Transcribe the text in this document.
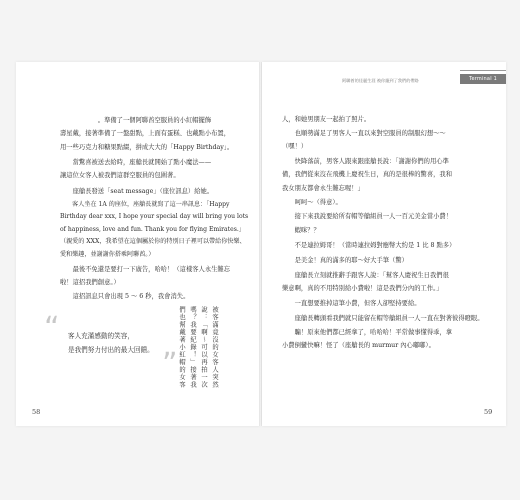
　　　　　　。準備了一個阿聯酋空服員的小紅帽擺飾
壽星戴，接著準備了一盤甜點，上面有蛋糕、也戴點小布置，
用一些巧克力和糖果點綴，拼成大大的「Happy Birthday」。

　　當驚喜被送去給時，座艙長就開始了點小魔法——
讓這位女客人被我們這群空服員的包圍著。

　　座艙長發送「seat message」（座位訊息）給她。

　　客人坐在 1A 的座位，座艙長就寫了這一串訊息：「Happy
Birthday dear xxx, I hope your special day will bring you lots
of happiness, love and fun. Thank you for flying Emirates.」
（親愛的 XXX，我希望在這個屬於你的特別日子裡可以帶給你快樂、
愛和樂趣，並謝謝你搭乘阿聯酋。）

　　最後不免還是要打一下廣告，哈哈！（這樣客人永生難忘
啦！這招我們創意。）

　　這招訊息只會出現 5 ～ 6 秒，我會消失。

“ 客人充滿感動的笑容，
是我們努力付出的最大回饋。 ”	被客滿竟沒的女客人突然說：「啊～可以再拍一次嗎？我要紀錄！」接著我們也幫戴著小紅帽的女客

58
阿聯酋的佳麗生涯 被你寵到了我們的帶路	Terminal 1

人，和她男朋友一起拍了照片。

　　也順勢滿足了男客人一直以來對空服員的制服幻想～～
（嘿！）

　　快降落前，男客人跟來跟座艙長說：「謝謝你們的用心準
備，我們從來沒在飛機上慶祝生日，真的是很棒的驚喜，我和
我女朋友都會永生難忘喔！」

　　呵呵～（得意）。

　　接下來我說要給所有帽等艙組員一人一百元美金當小費！

　　蝦咪？？

　　不是連拉姆哥！（當時連拉姆對應幣大約是 1 比 8 點多）

　　是美金！真的滿多的耶～好大手筆（驚）

　　座艙長立刻就推辭手跟客人說：「幫客人慶祝生日我們很
樂意啊，真的不用特別給小費啦！這是我們分內的工作。」

　　一直想要推掉這筆小費，但客人卻堅持要給。

　　座艙長轉頭看我們就只能留在帽等艙組員一人一直在對著彼得瞪眼。

　　騙！原來他們都已經拿了，哈哈哈！平常做事懂得乖，拿
小費倒蠻快嘛！怪了（座艙長的 murmur 內心嘟嘟）。

59
